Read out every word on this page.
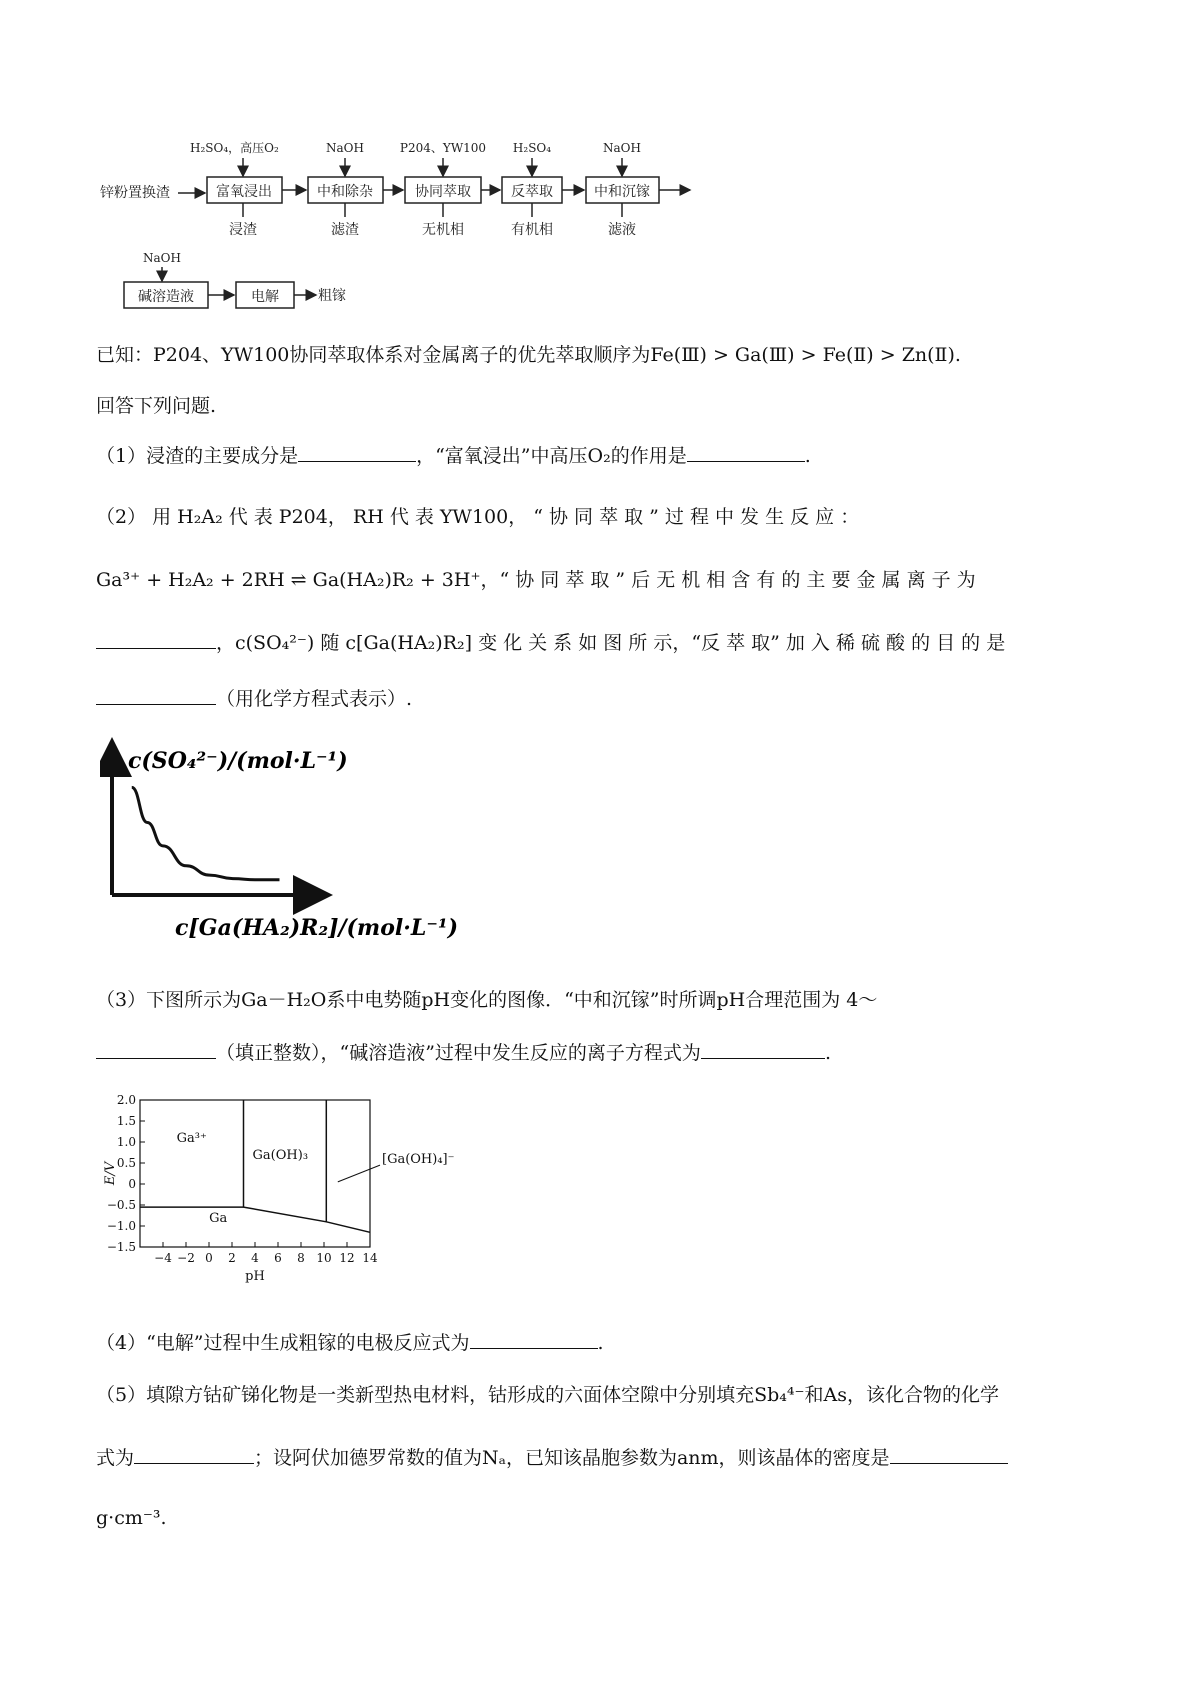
锌粉置换渣
H₂SO₄，高压O₂
富氧浸出
浸渣
NaOH
中和除杂
滤渣
P204、YW100
协同萃取
无机相
H₂SO₄
反萃取
有机相
NaOH
中和沉镓
滤液
NaOH
碱溶造液	电解	粗镓
已知：P204、YW100协同萃取体系对金属离子的优先萃取顺序为Fe(Ⅲ) > Ga(Ⅲ) > Fe(Ⅱ) > Zn(Ⅱ).
回答下列问题.
（1）浸渣的主要成分是	，“富氧浸出”中高压O₂的作用是	.
（2） 用 H₂A₂ 代 表 P204， RH 代 表 YW100， “ 协 同 萃 取 ” 过 程 中 发 生 反 应 ：
Ga³⁺ + H₂A₂ + 2RH ⇌ Ga(HA₂)R₂ + 3H⁺，“ 协 同 萃 取 ” 后 无 机 相 含 有 的 主 要 金 属 离 子 为
，c(SO₄²⁻) 随 c[Ga(HA₂)R₂] 变 化 关 系 如 图 所 示，“反 萃 取” 加 入 稀 硫 酸 的 目 的 是
（用化学方程式表示）.
c(SO₄²⁻)/(mol·L⁻¹)
c[Ga(HA₂)R₂]/(mol·L⁻¹)
（3）下图所示为Ga－H₂O系中电势随pH变化的图像．“中和沉镓”时所调pH合理范围为 4～
（填正整数），“碱溶造液”过程中发生反应的离子方程式为	.
2.0
1.5
1.0
0.5
0
−0.5
−1.0
−1.5
−4 −2 0 2 4 6 8 10 12 14
pH
E/V
Ga³⁺
Ga(OH)₃	[Ga(OH)₄]⁻
Ga
（4）“电解”过程中生成粗镓的电极反应式为	.
（5）填隙方钴矿锑化物是一类新型热电材料，钴形成的六面体空隙中分别填充Sb₄⁴⁻和As，该化合物的化学
式为	；设阿伏加德罗常数的值为Nₐ，已知该晶胞参数为anm，则该晶体的密度是
g·cm⁻³.
